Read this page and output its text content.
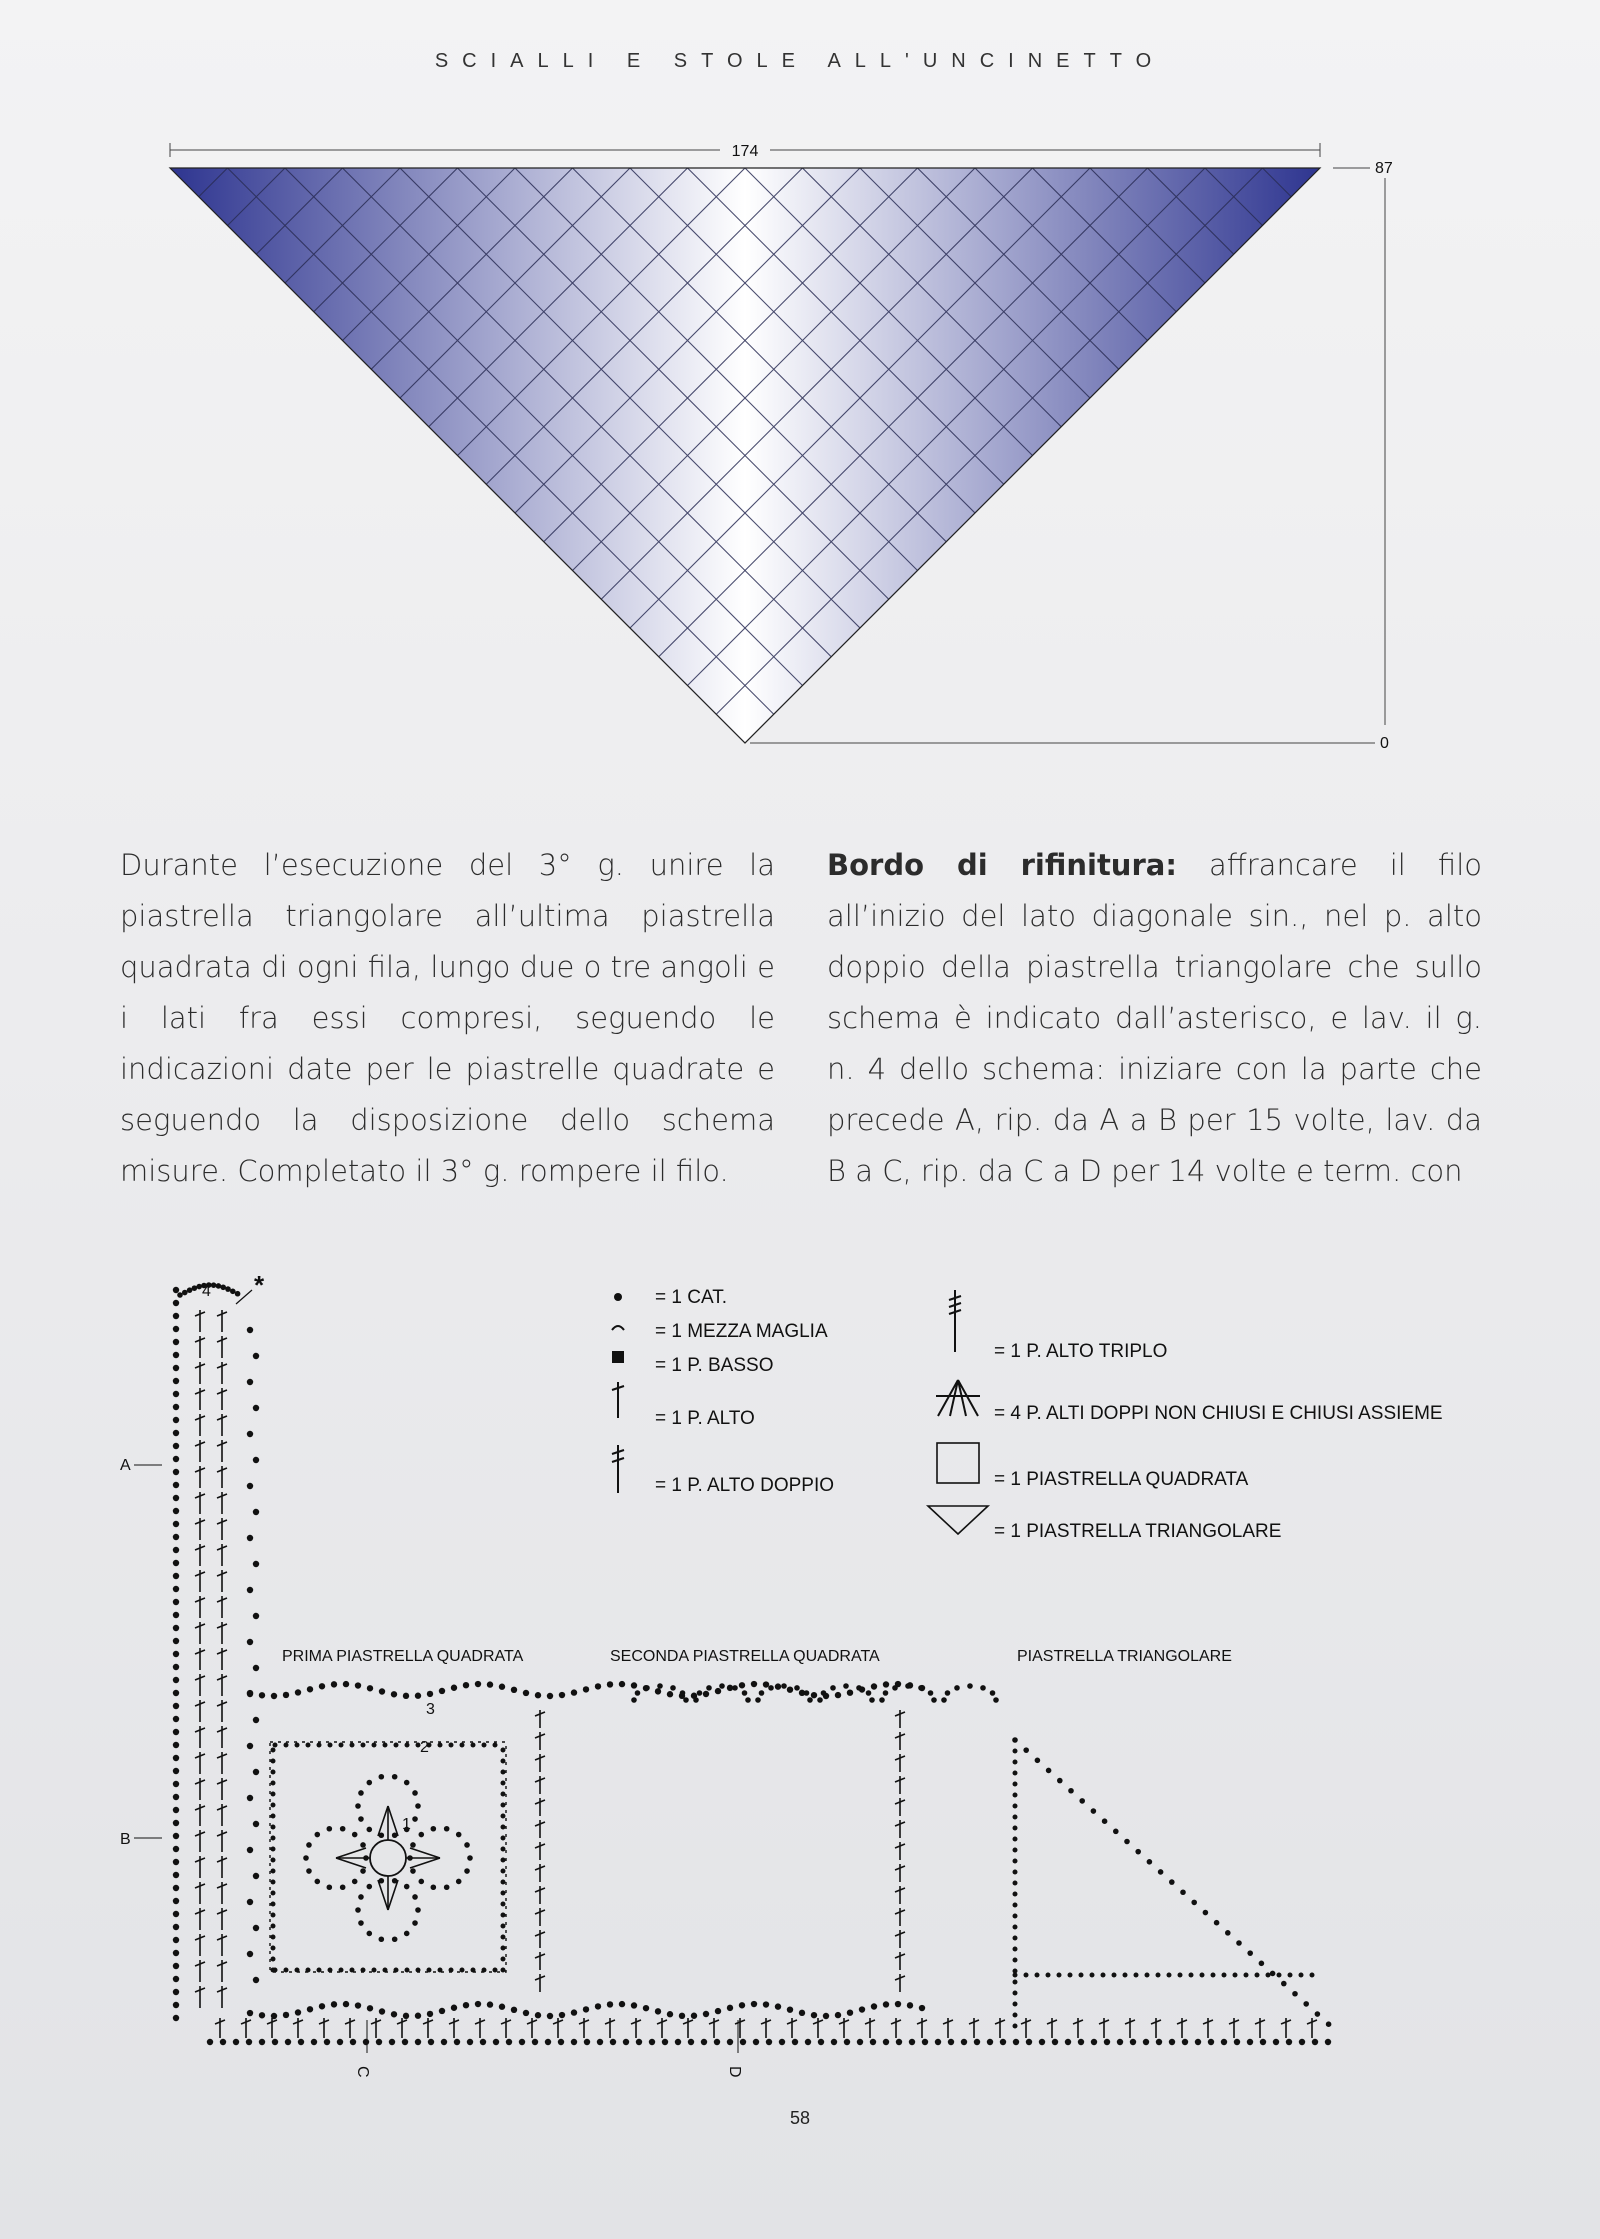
SCIALLI E STOLE ALL'UNCINETTO
174
87
0
Durante l’esecuzione del 3° g. unire la piastrella triangolare all’ultima piastrella quadrata di ogni fila, lungo due o tre angoli e i lati fra essi compresi, seguendo le indicazioni date per le piastrelle quadrate e seguendo la disposizione dello schema misure. Completato il 3° g. rompere il filo.
Bordo di rifinitura: affrancare il filo all’inizio del lato diagonale sin., nel p. alto doppio della piastrella triangolare che sullo schema è indicato dall’asterisco, e lav. il g. n. 4 dello schema: iniziare con la parte che precede A, rip. da A a B per 15 volte, lav. da B a C, rip. da C a D per 14 volte e term. con
= 1 CAT.
= 1 MEZZA MAGLIA
= 1 P. BASSO
= 1 P. ALTO
= 1 P. ALTO DOPPIO
= 1 P. ALTO TRIPLO
= 4 P. ALTI DOPPI NON CHIUSI E CHIUSI ASSIEME
= 1 PIASTRELLA QUADRATA
= 1 PIASTRELLA TRIANGOLARE
PRIMA PIASTRELLA QUADRATA	SECONDA PIASTRELLA QUADRATA	PIASTRELLA TRIANGOLARE
A
B
C	D
*
1
2
3
4
58
